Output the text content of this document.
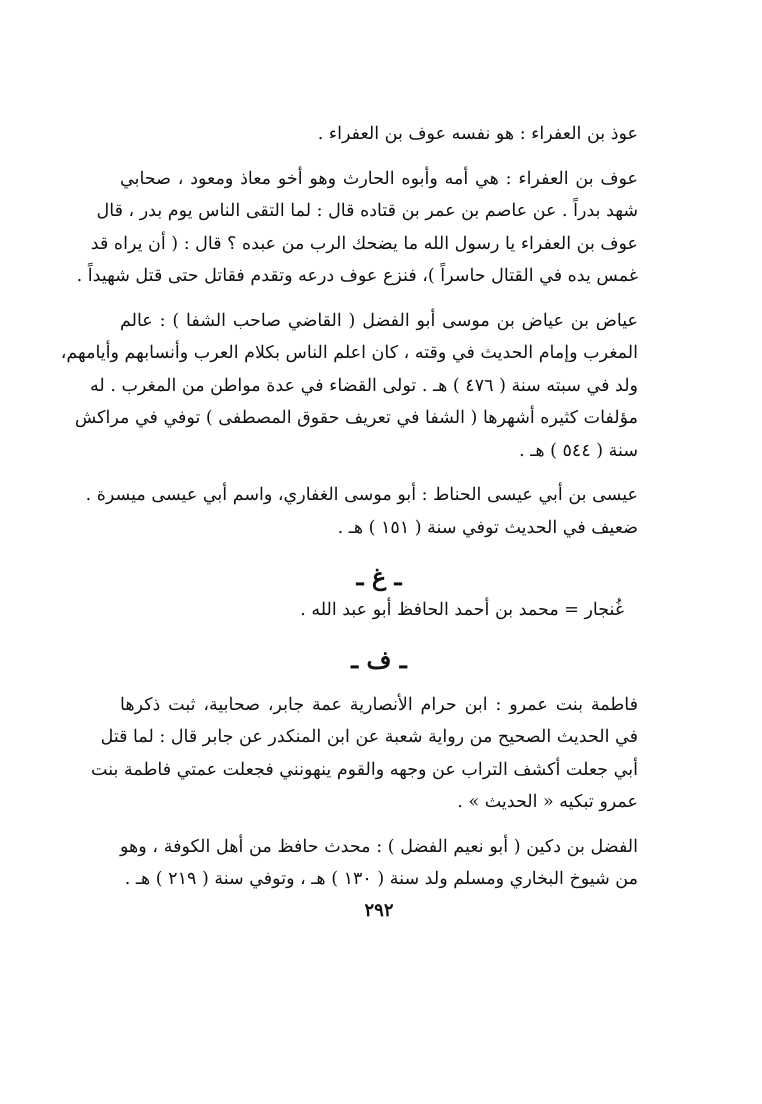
عوذ بن العفراء : هو نفسه عوف بن العفراء .
عوف بن العفراء : هي أمه وأبوه الحارث وهو أخو معاذ ومعود ، صحابي
شهد بدراً . عن عاصم بن عمر بن قتاده قال : لما التقى الناس يوم بدر ، قال
عوف بن العفراء يا رسول الله ما يضحك الرب من عبده ؟ قال : ( أن يراه قد
غمس يده في القتال حاسراً )، فنزع عوف درعه وتقدم فقاتل حتى قتل شهيداً .
عياض بن عياض بن موسى أبو الفضل ( القاضي صاحب الشفا ) : عالم
المغرب وإمام الحديث في وقته ، كان اعلم الناس بكلام العرب وأنسابهم وأيامهم،
ولد في سبته سنة ( ٤٧٦ ) هـ . تولى القضاء في عدة مواطن من المغرب . له
مؤلفات كثيره أشهرها ( الشفا في تعريف حقوق المصطفى ) توفي في مراكش
سنة ( ٥٤٤ ) هـ .
عيسى بن أبي عيسى الحناط : أبو موسى الغفاري، واسم أبي عيسى ميسرة .
ضعيف في الحديث توفي سنة ( ١٥١ ) هـ .
ـ غ ـ
غُنجار = محمد بن أحمد الحافظ أبو عبد الله .
ـ ف ـ
فاطمة بنت عمرو : ابن حرام الأنصارية عمة جابر، صحابية، ثبت ذكرها
في الحديث الصحيح من رواية شعبة عن ابن المنكدر عن جابر قال : لما قتل
أبي جعلت أكشف التراب عن وجهه والقوم ينهونني فجعلت عمتي فاطمة بنت
عمرو تبكيه « الحديث » .
الفضل بن دكين ( أبو نعيم الفضل ) : محدث حافظ من أهل الكوفة ، وهو
من شيوخ البخاري ومسلم ولد سنة ( ١٣٠ ) هـ ، وتوفي سنة ( ٢١٩ ) هـ .
٢٩٢
